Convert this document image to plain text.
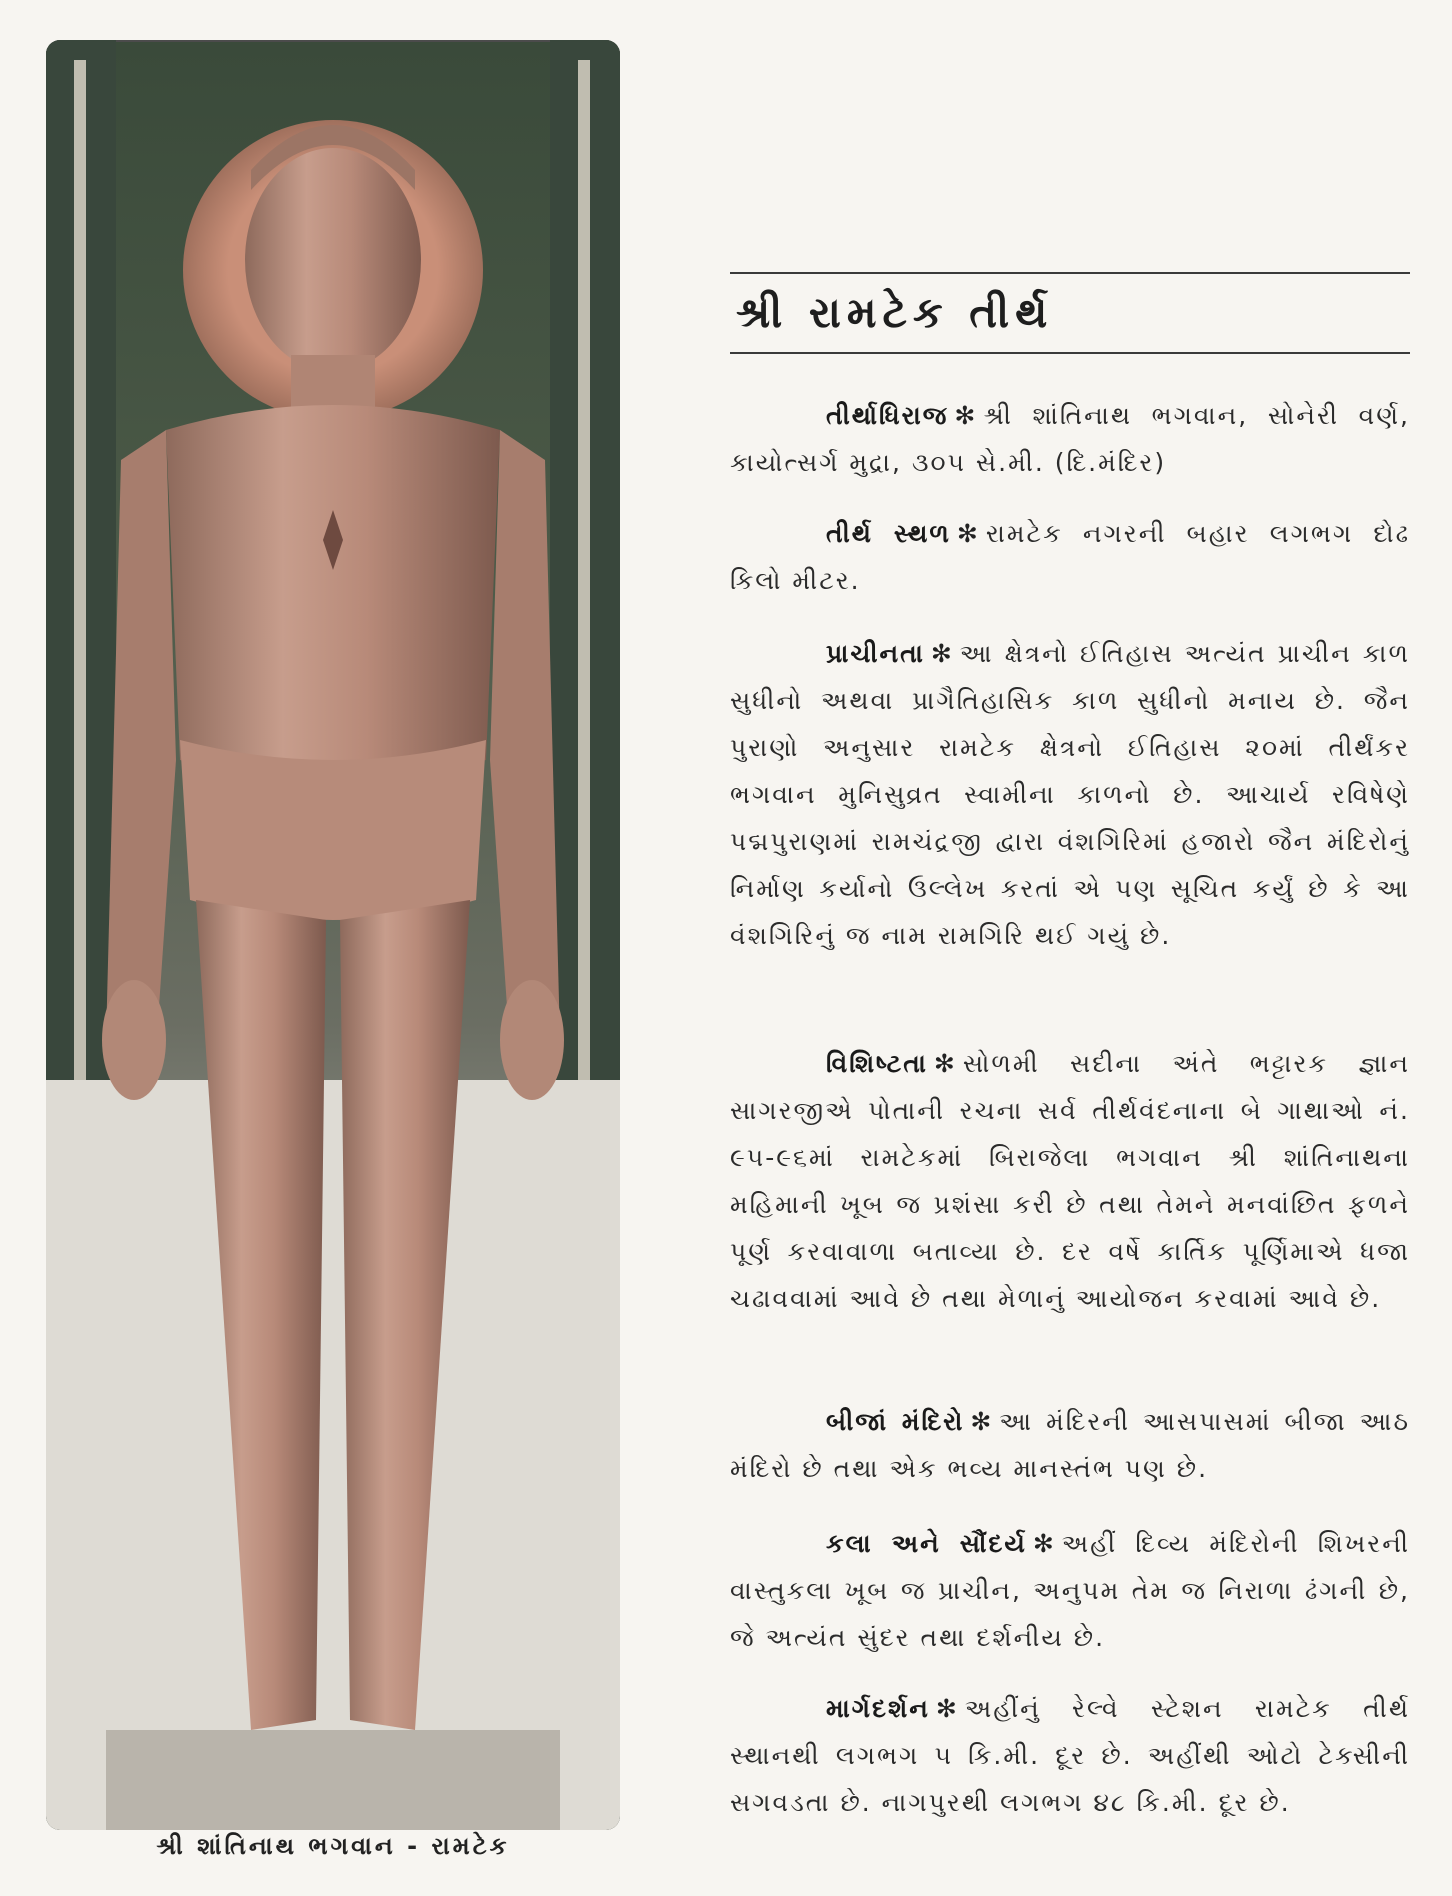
શ્રી શાંતિનાથ ભગવાન - રામટેક
શ્રી રામટેક તીર્થ
તીર્થાધિરાજ ✻ શ્રી શાંતિનાથ ભગવાન, સોનેરી વર્ણ, કાયોત્સર્ગ મુદ્રા, ૩૦૫ સે.મી. (દિ.મંદિર)
તીર્થ સ્થળ ✻ રામટેક નગરની બહાર લગભગ દોઢ કિલો મીટર.
પ્રાચીનતા ✻ આ ક્ષેત્રનો ઈતિહાસ અત્યંત પ્રાચીન કાળ સુધીનો અથવા પ્રાગૈતિહાસિક કાળ સુધીનો મનાય છે. જૈન પુરાણો અનુસાર રામટેક ક્ષેત્રનો ઈતિહાસ ૨૦માં તીર્થંકર ભગવાન મુનિસુવ્રત સ્વામીના કાળનો છે. આચાર્ય રવિષેણે પદ્મપુરાણમાં રામચંદ્રજી દ્વારા વંશગિરિમાં હજારો જૈન મંદિરોનું નિર્માણ કર્યાનો ઉલ્લેખ કરતાં એ પણ સૂચિત કર્યું છે કે આ વંશગિરિનું જ નામ રામગિરિ થઈ ગયું છે.
વિશિષ્ટતા ✻ સોળમી સદીના અંતે ભટ્ટારક જ્ઞાન સાગરજીએ પોતાની રચના સર્વ તીર્થવંદનાના બે ગાથાઓ નં. ૯૫-૯૬માં રામટેકમાં બિરાજેલા ભગવાન શ્રી શાંતિનાથના મહિમાની ખૂબ જ પ્રશંસા કરી છે તથા તેમને મનવાંછિત ફળને પૂર્ણ કરવાવાળા બતાવ્યા છે. દર વર્ષે કાર્તિક પૂર્ણિમાએ ધજા ચઢાવવામાં આવે છે તથા મેળાનું આયોજન કરવામાં આવે છે.
બીજાં મંદિરો ✻ આ મંદિરની આસપાસમાં બીજા આઠ મંદિરો છે તથા એક ભવ્ય માનસ્તંભ પણ છે.
કલા અને સૌંદર્ય ✻ અહીં દિવ્ય મંદિરોની શિખરની વાસ્તુકલા ખૂબ જ પ્રાચીન, અનુપમ તેમ જ નિરાળા ઢંગની છે, જે અત્યંત સુંદર તથા દર્શનીય છે.
માર્ગદર્શન ✻ અહીંનું રેલ્વે સ્ટેશન રામટેક તીર્થ સ્થાનથી લગભગ ૫ કિ.મી. દૂર છે. અહીંથી ઓટો ટેક્સીની સગવડતા છે. નાગપુરથી લગભગ ૪૮ કિ.મી. દૂર છે.
